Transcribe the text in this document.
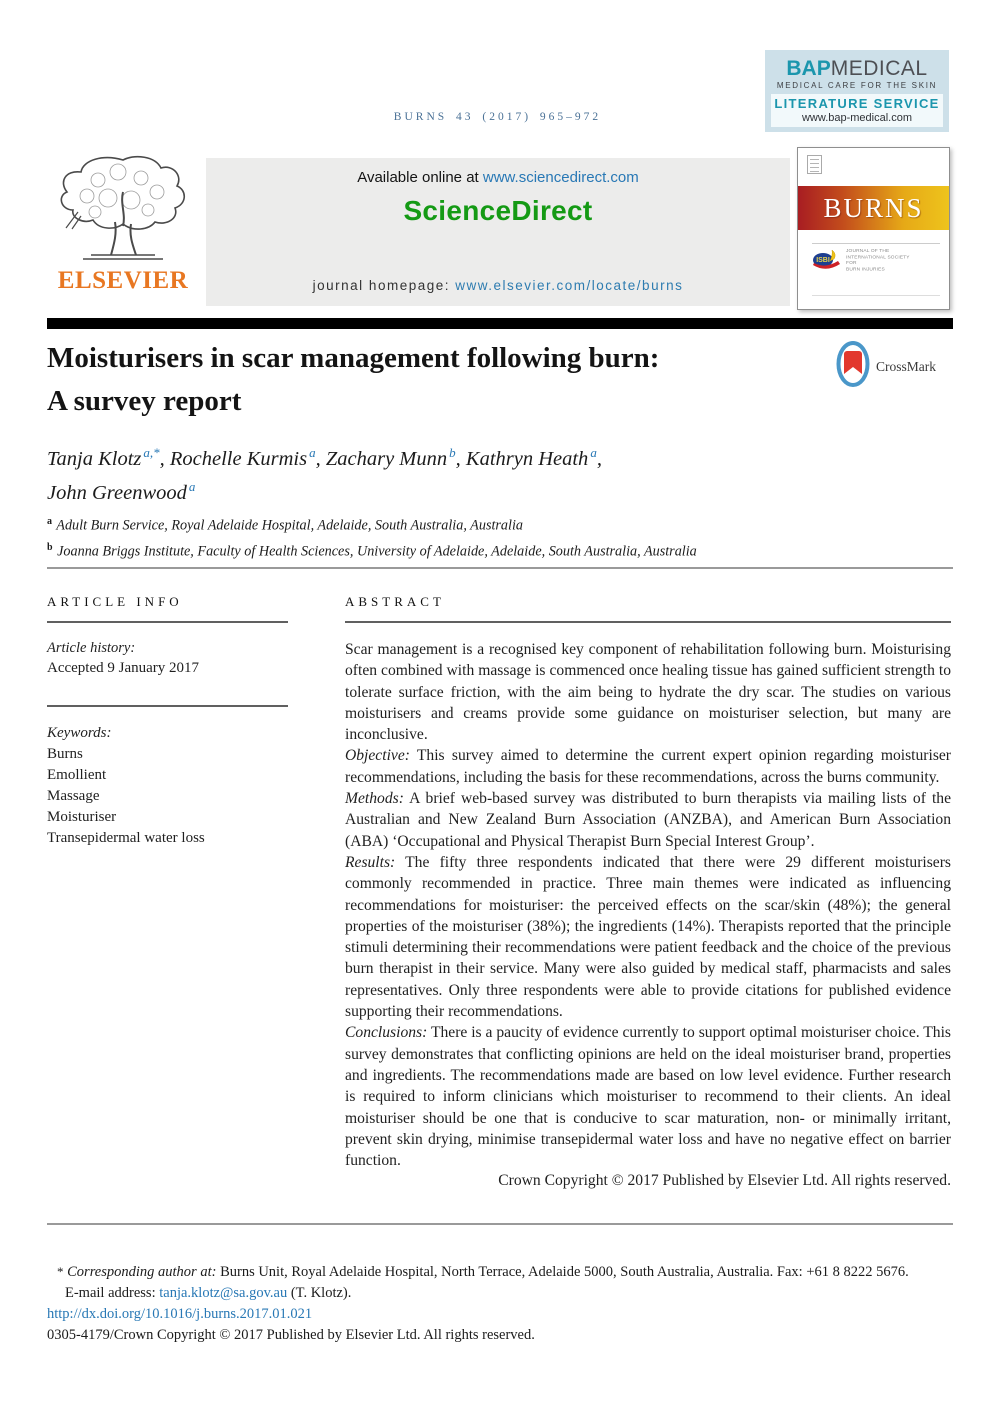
BAPMEDICAL
MEDICAL CARE FOR THE SKIN
LITERATURE SERVICE
www.bap-medical.com
BURNS 43 (2017) 965–972
ELSEVIER
Available online at www.sciencedirect.com
ScienceDirect
journal homepage: www.elsevier.com/locate/burns
BURNS
ISBI
JOURNAL OF THE
INTERNATIONAL SOCIETY FOR
BURN INJURIES
Moisturisers in scar management following burn:
A survey report
CrossMark
Tanja Klotz $^{a,*}$, Rochelle Kurmis $^a$, Zachary Munn $^b$, Kathryn Heath $^a$,
John Greenwood $^a$
$^a$ Adult Burn Service, Royal Adelaide Hospital, Adelaide, South Australia, Australia
$^b$ Joanna Briggs Institute, Faculty of Health Sciences, University of Adelaide, Adelaide, South Australia, Australia
ARTICLE INFO
Article history:
Accepted 9 January 2017
Keywords:
Burns
Emollient
Massage
Moisturiser
Transepidermal water loss
ABSTRACT

Scar management is a recognised key component of rehabilitation following burn. Moisturising often combined with massage is commenced once healing tissue has gained sufficient strength to tolerate surface friction, with the aim being to hydrate the dry scar. The studies on various moisturisers and creams provide some guidance on moisturiser selection, but many are inconclusive.

Objective: This survey aimed to determine the current expert opinion regarding moisturiser recommendations, including the basis for these recommendations, across the burns community.

Methods: A brief web-based survey was distributed to burn therapists via mailing lists of the Australian and New Zealand Burn Association (ANZBA), and American Burn Association (ABA) ‘Occupational and Physical Therapist Burn Special Interest Group’.

Results: The fifty three respondents indicated that there were 29 different moisturisers commonly recommended in practice. Three main themes were indicated as influencing recommendations for moisturiser: the perceived effects on the scar/skin (48%); the general properties of the moisturiser (38%); the ingredients (14%). Therapists reported that the principle stimuli determining their recommendations were patient feedback and the choice of the previous burn therapist in their service. Many were also guided by medical staff, pharmacists and sales representatives. Only three respondents were able to provide citations for published evidence supporting their recommendations.

Conclusions: There is a paucity of evidence currently to support optimal moisturiser choice. This survey demonstrates that conflicting opinions are held on the ideal moisturiser brand, properties and ingredients. The recommendations made are based on low level evidence. Further research is required to inform clinicians which moisturiser to recommend to their clients. An ideal moisturiser should be one that is conducive to scar maturation, non- or minimally irritant, prevent skin drying, minimise transepidermal water loss and have no negative effect on barrier function.

Crown Copyright © 2017 Published by Elsevier Ltd. All rights reserved.
* Corresponding author at: Burns Unit, Royal Adelaide Hospital, North Terrace, Adelaide 5000, South Australia, Australia. Fax: +61 8 8222 5676.
E-mail address: tanja.klotz@sa.gov.au (T. Klotz).
http://dx.doi.org/10.1016/j.burns.2017.01.021
0305-4179/Crown Copyright © 2017 Published by Elsevier Ltd. All rights reserved.
